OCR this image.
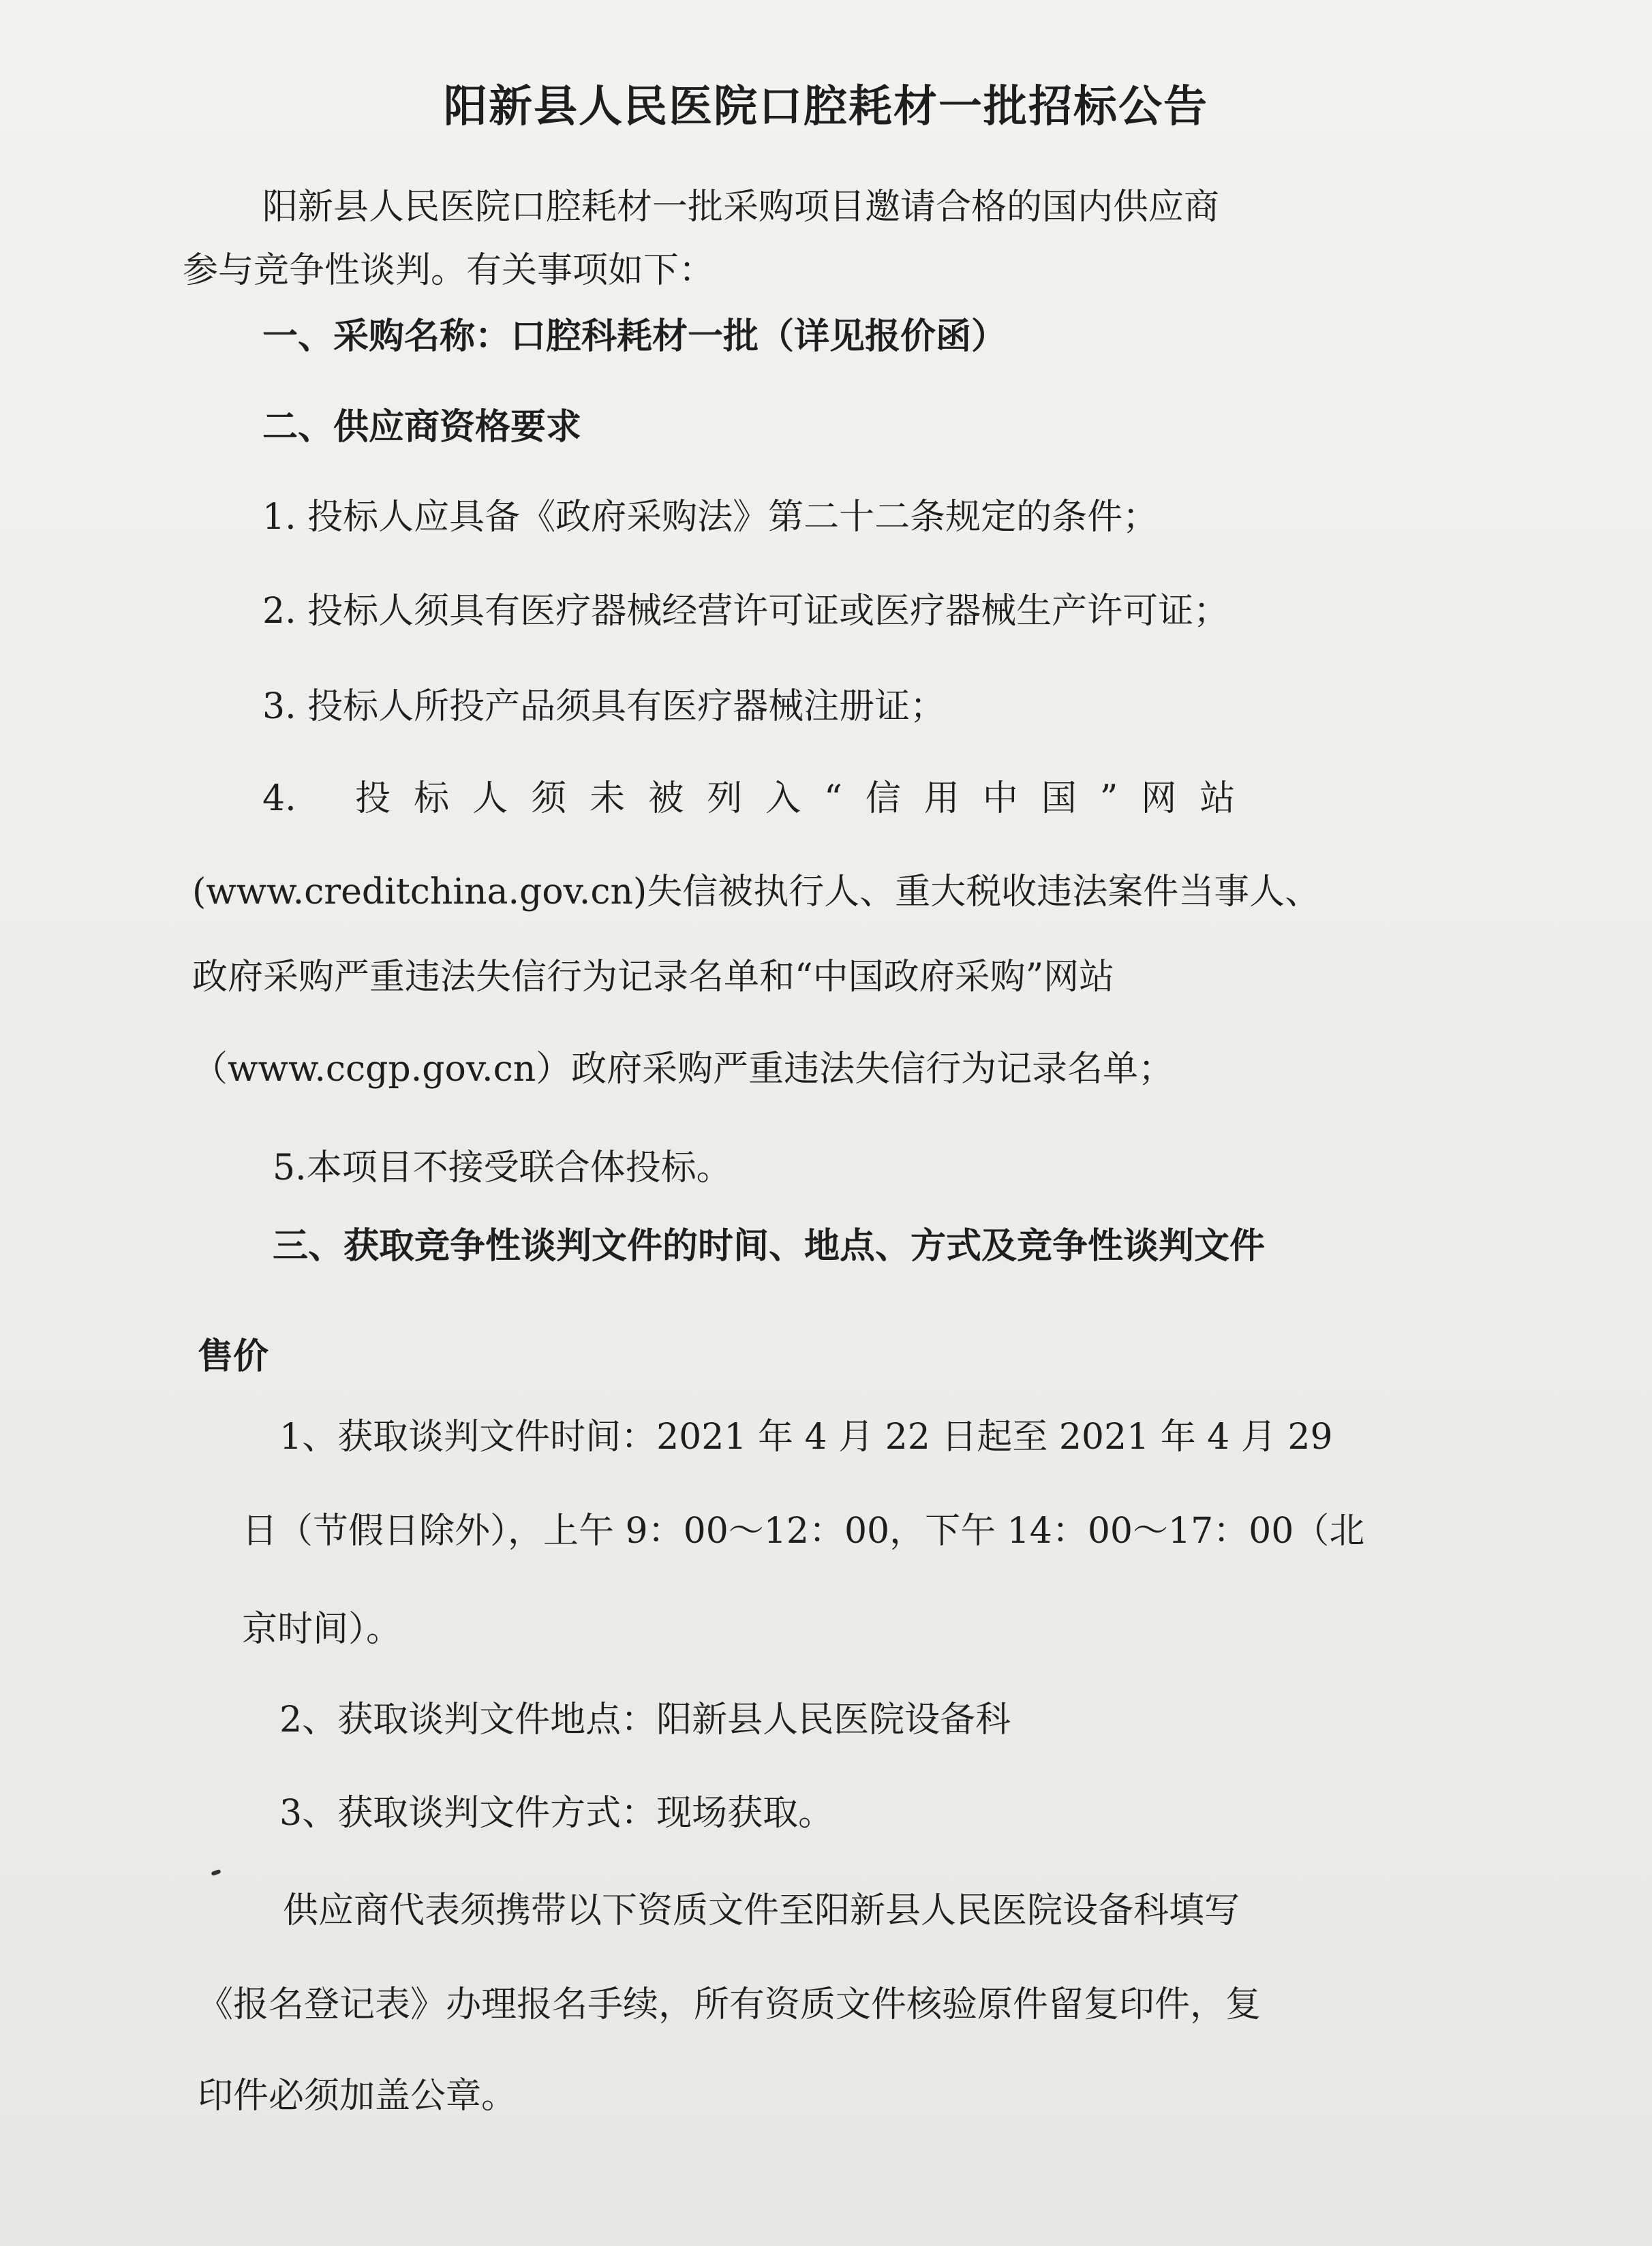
阳新县人民医院口腔耗材一批招标公告

阳新县人民医院口腔耗材一批采购项目邀请合格的国内供应商

参与竞争性谈判。有关事项如下：

一、采购名称：口腔科耗材一批（详见报价函）

二、供应商资格要求

1. 投标人应具备《政府采购法》第二十二条规定的条件；

2. 投标人须具有医疗器械经营许可证或医疗器械生产许可证；

3. 投标人所投产品须具有医疗器械注册证；

4. 投标人须未被列入“信用中国”网站

(www.creditchina.gov.cn)失信被执行人、重大税收违法案件当事人、

政府采购严重违法失信行为记录名单和“中国政府采购”网站

（www.ccgp.gov.cn）政府采购严重违法失信行为记录名单；

5.本项目不接受联合体投标。

三、获取竞争性谈判文件的时间、地点、方式及竞争性谈判文件

售价

1、获取谈判文件时间：2021 年 4 月 22 日起至 2021 年 4 月 29

日（节假日除外），上午 9：00～12：00，下午 14：00～17：00（北

京时间）。

2、获取谈判文件地点：阳新县人民医院设备科

3、获取谈判文件方式：现场获取。

供应商代表须携带以下资质文件至阳新县人民医院设备科填写

《报名登记表》办理报名手续，所有资质文件核验原件留复印件，复

印件必须加盖公章。
